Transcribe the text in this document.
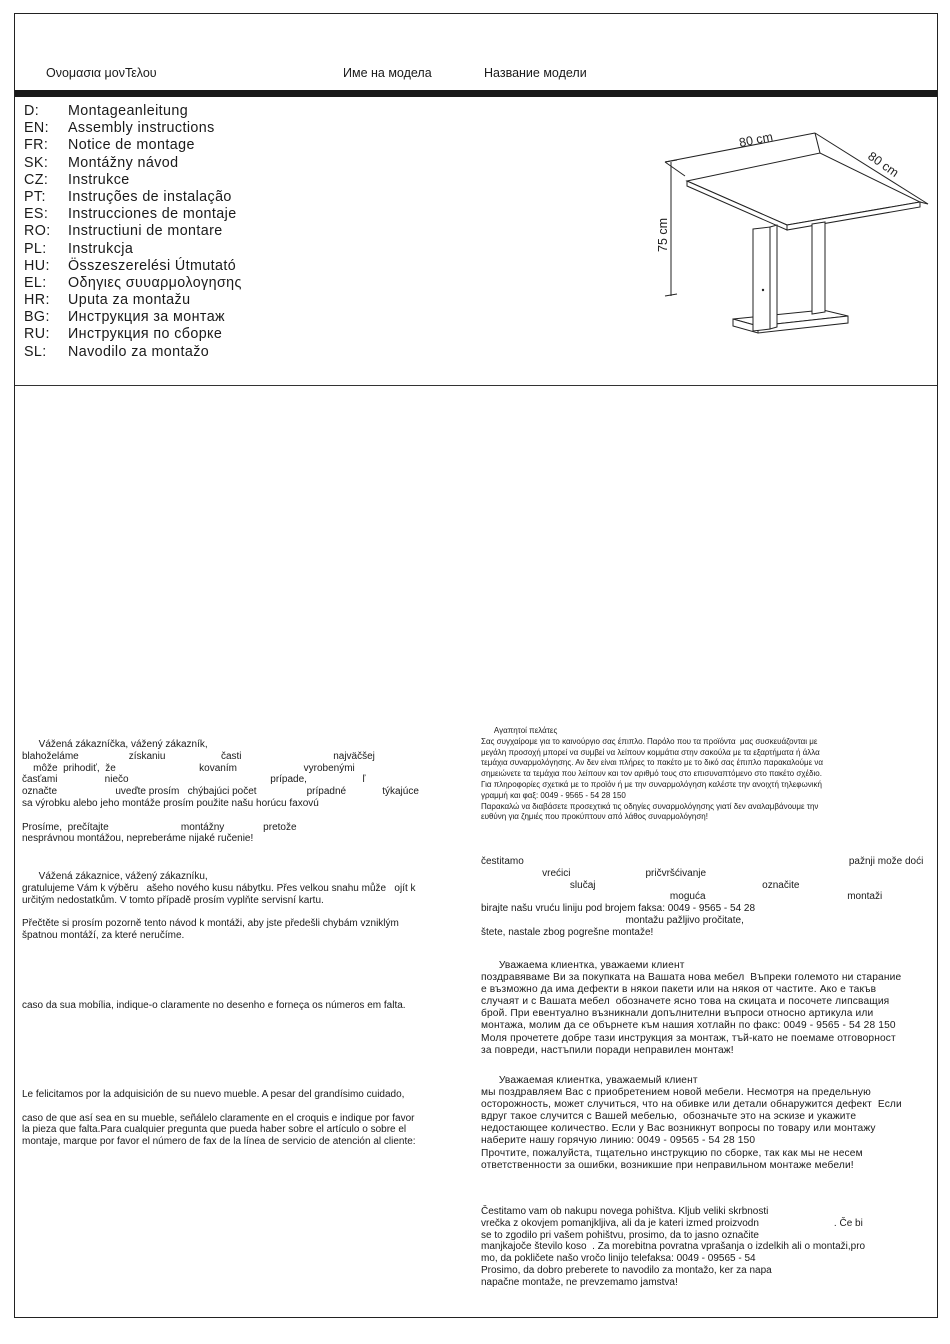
Ονομασια μονΤελου	Име на модела	Название модели
D: Montageanleitung
EN: Assembly instructions
FR: Notice de montage
SK: Montážny návod
CZ: Instrukce
PT: Instruções de instalação
ES: Instrucciones de montaje
RO: Instructiuni de montare
PL: Instrukcja
HU: Összeszerelési Útmutató
EL: Οδηγιες συυαρμολογησης
HR: Uputa za montažu
BG: Инструкция за монтаж
RU: Инструкция по сборке
SL: Navodilo za montažo
80 cm
80 cm
75 cm
Vážená zákazníčka, vážený zákazník,
blahoželáme                  získaniu                    časti                                 najväčšej
môže  prihodiť,  že                              kovaním                        vyrobenými
časťami                 niečo                                                   prípade,                    ľ
označte                     uveďte prosím   chýbajúci počet                  prípadné             týkajúce
sa výrobku alebo jeho montáže prosím použite našu horúcu faxovú

Prosíme,  prečítajte                          montážny              pretože
nesprávnou montážou, nepreberáme nijaké ručenie!
Vážená zákaznice, vážený zákazníku,
gratulujeme Vám k výběru   ašeho nového kusu nábytku. Přes velkou snahu může   ojít k
určitým nedostatkům. V tomto případě prosím vyplňte servisní kartu.

Přečtěte si prosím pozorně tento návod k montáži, aby jste předešli chybám vzniklým
špatnou montáží, za které neručíme.
caso da sua mobília, indique-o claramente no desenho e forneça os números em falta.
Le felicitamos por la adquisición de su nuevo mueble. A pesar del grandísimo cuidado,

caso de que así sea en su mueble, señálelo claramente en el croquis e indique por favor
la pieza que falta.Para cualquier pregunta que pueda haber sobre el artículo o sobre el
montaje, marque por favor el número de fax de la línea de servicio de atención al cliente:
Αγαπητοί πελάτες
Σας συγχαίρομε για το καινούργιο σας έπιπλο. Παρόλο που τα προϊόντα  μας συσκευάζονται με
μεγάλη προσοχή μπορεί να συμβεί να λείπουν κομμάτια στην σακούλα με τα εξαρτήματα ή άλλα
τεμάχια συναρμολόγησης. Αν δεν είναι πλήρες το πακέτο με το δικό σας έπιπλο παρακαλούμε να
σημειώνετε τα τεμάχια που λείπουν και τον αριθμό τους στο επισυναπτόμενο στο πακέτο σχέδιο.
Για πληροφορίες σχετικά με το προϊόν ή με την συναρμολόγηση καλέστε την ανοιχτή τηλεφωνική
γραμμή και φαξ: 0049 - 9565 - 54 28 150
Παρακαλώ να διαβάσετε προσεχτικά τις οδηγίες συναρμολόγησης γιατί δεν αναλαμβάνουμε την
ευθύνη για ζημιές που προκύπτουν από λάθος συναρμολόγηση!
čestitamo                                                                                                                     pažnji može doći
vrećici                           pričvršćivanje
slučaj                                                            označite
moguća                                                   montaži
birajte našu vruću liniju pod brojem faksa: 0049 - 9565 - 54 28
montažu pažljivo pročitate,
štete, nastale zbog pogrešne montaže!
Уважаема клиентка, уважаеми клиент
поздравяваме Ви за покупката на Вашата нова мебел  Въпреки големото ни старание
е възможно да има дефекти в някои пакети или на някоя от частите. Ако е такъв
случаят и с Вашата мебел  обозначете ясно това на скицата и посочете липсващия
брой. При евентуално възникнали допълнителни въпроси относно артикула или
монтажа, молим да се обърнете към нашия хотлайн по факс: 0049 - 9565 - 54 28 150
Моля прочетете добре тази инструкция за монтаж, тъй-като не поемаме отговорност
за повреди, настъпили поради неправилен монтаж!
Уважаемая клиентка, уважаемый клиент
мы поздравляем Вас с приобретением новой мебели. Несмотря на предельную
осторожность, может случиться, что на обивке или детали обнаружится дефект  Если
вдруг такое случится с Вашей мебелью,  обозначьте это на эскизе и укажите
недостающее количество. Если у Вас возникнут вопросы по товару или монтажу
наберите нашу горячую линию: 0049 - 09565 - 54 28 150
Прочтите, пожалуйста, тщательно инструкцию по сборке, так как мы не несем
ответственности за ошибки, возникшие при неправильном монтаже мебели!
Čestitamo vam ob nakupu novega pohištva. Kljub veliki skrbnosti
vrečka z okovjem pomanjkljiva, ali da je kateri izmed proizvodn                           . Če bi
se to zgodilo pri vašem pohištvu, prosimo, da to jasno označite
manjkajoče število koso  . Za morebitna povratna vprašanja o izdelkih ali o montaži,pro
mo, da pokličete našo vročo linijo telefaksa: 0049 - 09565 - 54
Prosimo, da dobro preberete to navodilo za montažo, ker za napa
napačne montaže, ne prevzemamo jamstva!
